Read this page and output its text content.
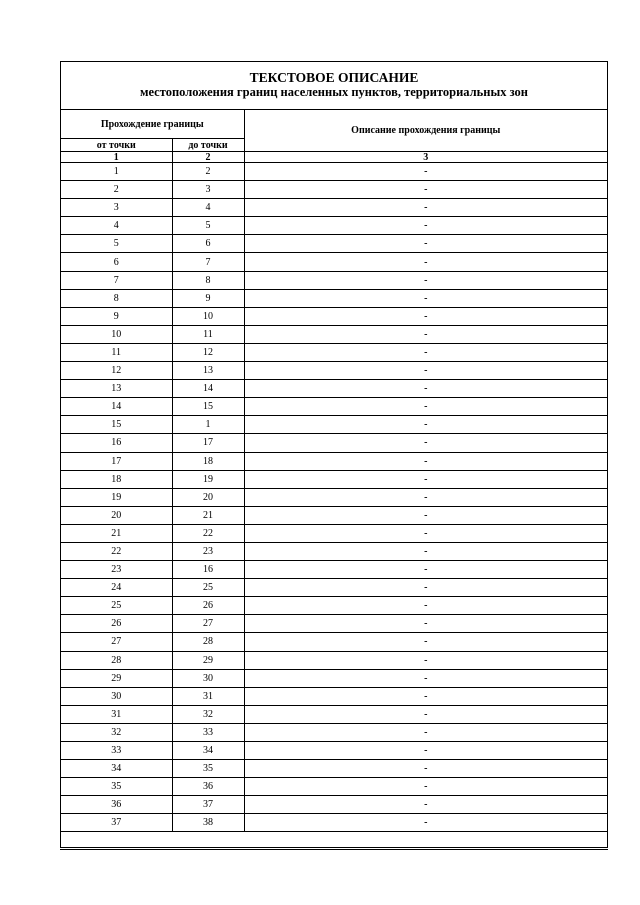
ТЕКСТОВОЕ ОПИСАНИЕ
местоположения границ населенных пунктов, территориальных зон
Прохождение границы		Описание прохождения границы
от точки	до точки	
1	2	3
1	2	-
2	3	-
3	4	-
4	5	-
5	6	-
6	7	-
7	8	-
8	9	-
9	10	-
10	11	-
11	12	-
12	13	-
13	14	-
14	15	-
15	1	-
16	17	-
17	18	-
18	19	-
19	20	-
20	21	-
21	22	-
22	23	-
23	16	-
24	25	-
25	26	-
26	27	-
27	28	-
28	29	-
29	30	-
30	31	-
31	32	-
32	33	-
33	34	-
34	35	-
35	36	-
36	37	-
37	38	-
